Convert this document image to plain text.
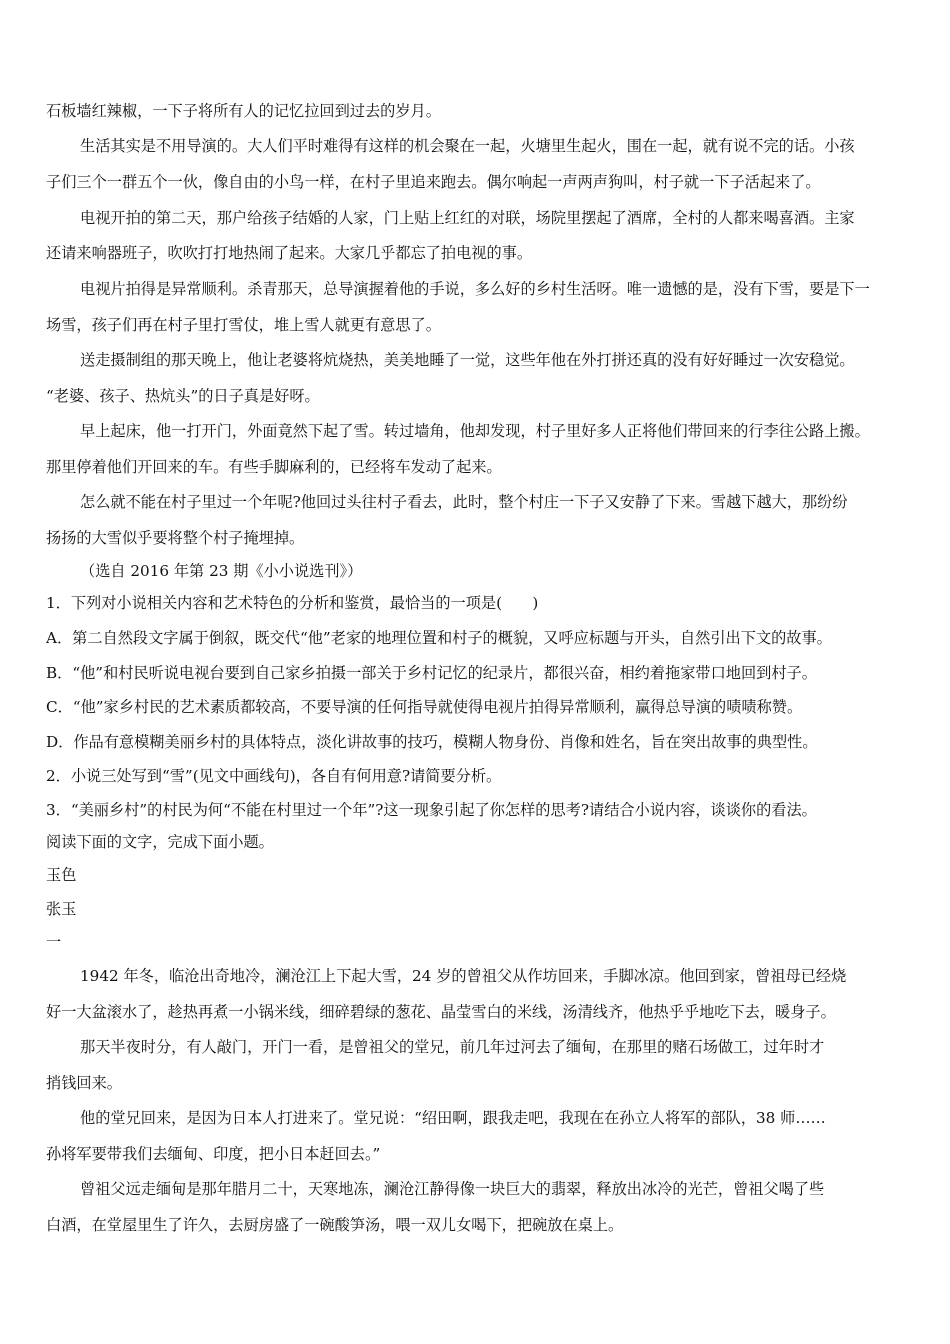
石板墙红辣椒，一下子将所有人的记忆拉回到过去的岁月。
生活其实是不用导演的。大人们平时难得有这样的机会聚在一起，火塘里生起火，围在一起，就有说不完的话。小孩
子们三个一群五个一伙，像自由的小鸟一样，在村子里追来跑去。偶尔响起一声两声狗叫，村子就一下子活起来了。
电视开拍的第二天，那户给孩子结婚的人家，门上贴上红红的对联，场院里摆起了酒席，全村的人都来喝喜酒。主家
还请来响器班子，吹吹打打地热闹了起来。大家几乎都忘了拍电视的事。
电视片拍得是异常顺利。杀青那天，总导演握着他的手说，多么好的乡村生活呀。唯一遗憾的是，没有下雪，要是下一
场雪，孩子们再在村子里打雪仗，堆上雪人就更有意思了。
送走摄制组的那天晚上，他让老婆将炕烧热，美美地睡了一觉，这些年他在外打拼还真的没有好好睡过一次安稳觉。
“老婆、孩子、热炕头”的日子真是好呀。
早上起床，他一打开门，外面竟然下起了雪。转过墙角，他却发现，村子里好多人正将他们带回来的行李往公路上搬。
那里停着他们开回来的车。有些手脚麻利的，已经将车发动了起来。
怎么就不能在村子里过一个年呢?他回过头往村子看去，此时，整个村庄一下子又安静了下来。雪越下越大，那纷纷
扬扬的大雪似乎要将整个村子掩埋掉。
（选自 2016 年第 23 期《小小说选刊》）
1．下列对小说相关内容和艺术特色的分析和鉴赏，最恰当的一项是(　　)
A．第二自然段文字属于倒叙，既交代“他”老家的地理位置和村子的概貌，又呼应标题与开头，自然引出下文的故事。
B．“他”和村民听说电视台要到自己家乡拍摄一部关于乡村记忆的纪录片，都很兴奋，相约着拖家带口地回到村子。
C．“他”家乡村民的艺术素质都较高，不要导演的任何指导就使得电视片拍得异常顺利，赢得总导演的啧啧称赞。
D．作品有意模糊美丽乡村的具体特点，淡化讲故事的技巧，模糊人物身份、肖像和姓名，旨在突出故事的典型性。
2．小说三处写到“雪”(见文中画线句)，各自有何用意?请简要分析。
3．“美丽乡村”的村民为何“不能在村里过一个年”?这一现象引起了你怎样的思考?请结合小说内容，谈谈你的看法。
阅读下面的文字，完成下面小题。
玉色
张玉
一
1942 年冬，临沧出奇地冷，澜沧江上下起大雪，24 岁的曾祖父从作坊回来，手脚冰凉。他回到家，曾祖母已经烧
好一大盆滚水了，趁热再煮一小锅米线，细碎碧绿的葱花、晶莹雪白的米线，汤清线齐，他热乎乎地吃下去，暖身子。
那天半夜时分，有人敲门，开门一看，是曾祖父的堂兄，前几年过河去了缅甸，在那里的赌石场做工，过年时才
捎钱回来。
他的堂兄回来，是因为日本人打进来了。堂兄说：“绍田啊，跟我走吧，我现在在孙立人将军的部队，38 师……
孙将军要带我们去缅甸、印度，把小日本赶回去。”
曾祖父远走缅甸是那年腊月二十，天寒地冻，澜沧江静得像一块巨大的翡翠，释放出冰冷的光芒，曾祖父喝了些
白酒，在堂屋里生了许久，去厨房盛了一碗酸笋汤，喂一双儿女喝下，把碗放在桌上。
